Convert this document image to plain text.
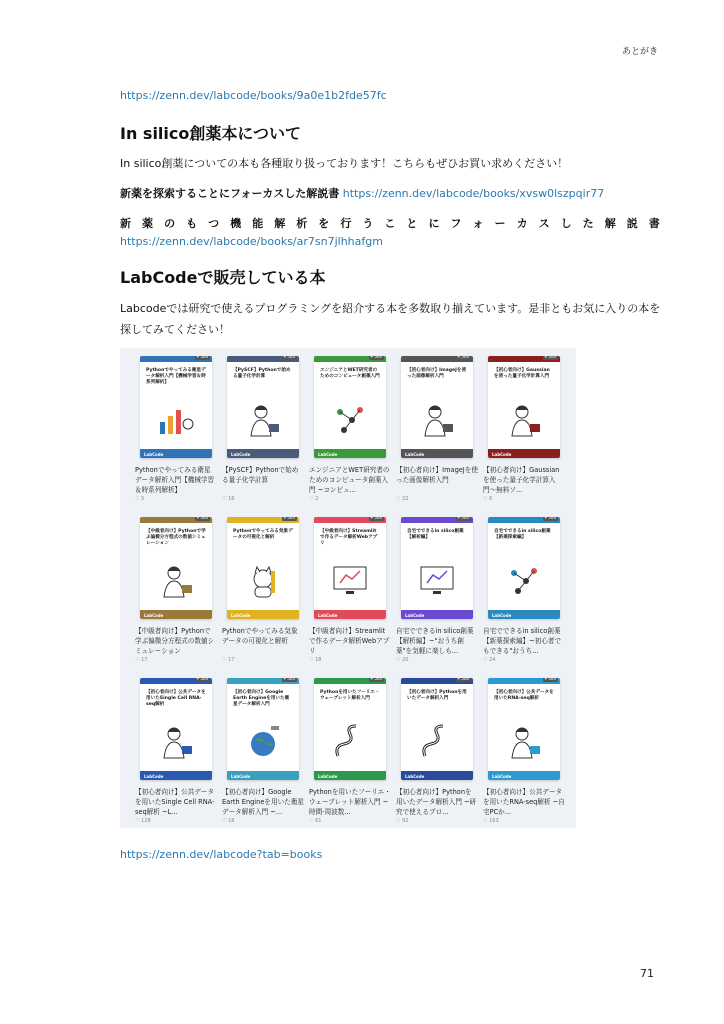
あとがき
https://zenn.dev/labcode/books/9a0e1b2fde57fc
In silico創薬本について
In silico創薬についての本も各種取り扱っております！こちらもぜひお買い求めください！
新薬を探索することにフォーカスした解説書 https://zenn.dev/labcode/books/xvsw0lszpqir77
新 薬 の も つ 機 能 解 析 を 行 う こ と に フ ォ ー カ ス し た 解 説 書
https://zenn.dev/labcode/books/ar7sn7jlhhafgm
LabCodeで販売している本
Labcodeでは研究で使えるプログラミングを紹介する本を多数取り揃えています。是非ともお気に入りの本を
探してみてください！
¥ 500
Pythonでやってみる衛星データ解析入門【機械学習＆時系列解析】
LabCode
Pythonでやってみる衛星データ解析入門【機械学習＆時系列解析】
♡ 5
¥ 500
【PySCF】Pythonで始める量子化学計算
LabCode
【PySCF】Pythonで始める量子化学計算
♡ 16
¥ 500
エンジニアとWET研究者のためのコンピュータ創薬入門
LabCode
エンジニアとWET研究者のためのコンピュータ創薬入門 ~コンピュ...
♡ 2
¥ 500
【初心者向け】ImageJを使った画像解析入門
LabCode
【初心者向け】ImageJを使った画像解析入門
♡ 22
¥ 500
【初心者向け】Gaussianを使った量子化学計算入門
LabCode
【初心者向け】Gaussianを使った量子化学計算入門〜無料ソ...
♡ 6
¥ 500
【中級者向け】Pythonで学ぶ偏微分方程式の数値シミュレーション
LabCode
【中級者向け】Pythonで学ぶ偏微分方程式の数値シミュレーション
♡ 17
¥ 500
Pythonでやってみる気象データの可視化と解析
LabCode
Pythonでやってみる気象データの可視化と解析
♡ 17
¥ 500
【中級者向け】Streamlitで作るデータ解析Webアプリ
LabCode
【中級者向け】Streamlitで作るデータ解析Webアプリ
♡ 18
¥ 500
自宅でできるin silico創薬【解析編】
LabCode
自宅でできるin silico創薬【解析編】~"おうち創薬"を気軽に楽しも...
♡ 20
¥ 500
自宅でできるin silico創薬【新薬探索編】
LabCode
自宅でできるin silico創薬【新薬探索編】~初心者でもできる"おうち...
♡ 24
¥ 500
【初心者向け】公共データを用いたSingle Cell RNA-seq解析
LabCode
【初心者向け】公共データを用いたSingle Cell RNA-seq解析 ~L...
♡ 128
¥ 500
【初心者向け】Google Earth Engineを用いた衛星データ解析入門
LabCode
【初心者向け】Google Earth Engineを用いた衛星データ解析入門 ~...
♡ 18
¥ 500
Pythonを用いたフーリエ・ウェーブレット解析入門
LabCode
Pythonを用いたフーリエ・ウェーブレット解析入門 ~時間-周波数...
♡ 61
¥ 500
【初心者向け】Pythonを用いたデータ解析入門
LabCode
【初心者向け】Pythonを用いたデータ解析入門 ~研究で使えるプロ...
♡ 92
¥ 500
【初心者向け】公共データを用いたRNA-seq解析
LabCode
【初心者向け】公共データを用いたRNA-seq解析 ~自宅PCか...
♡ 163
https://zenn.dev/labcode?tab=books
71
